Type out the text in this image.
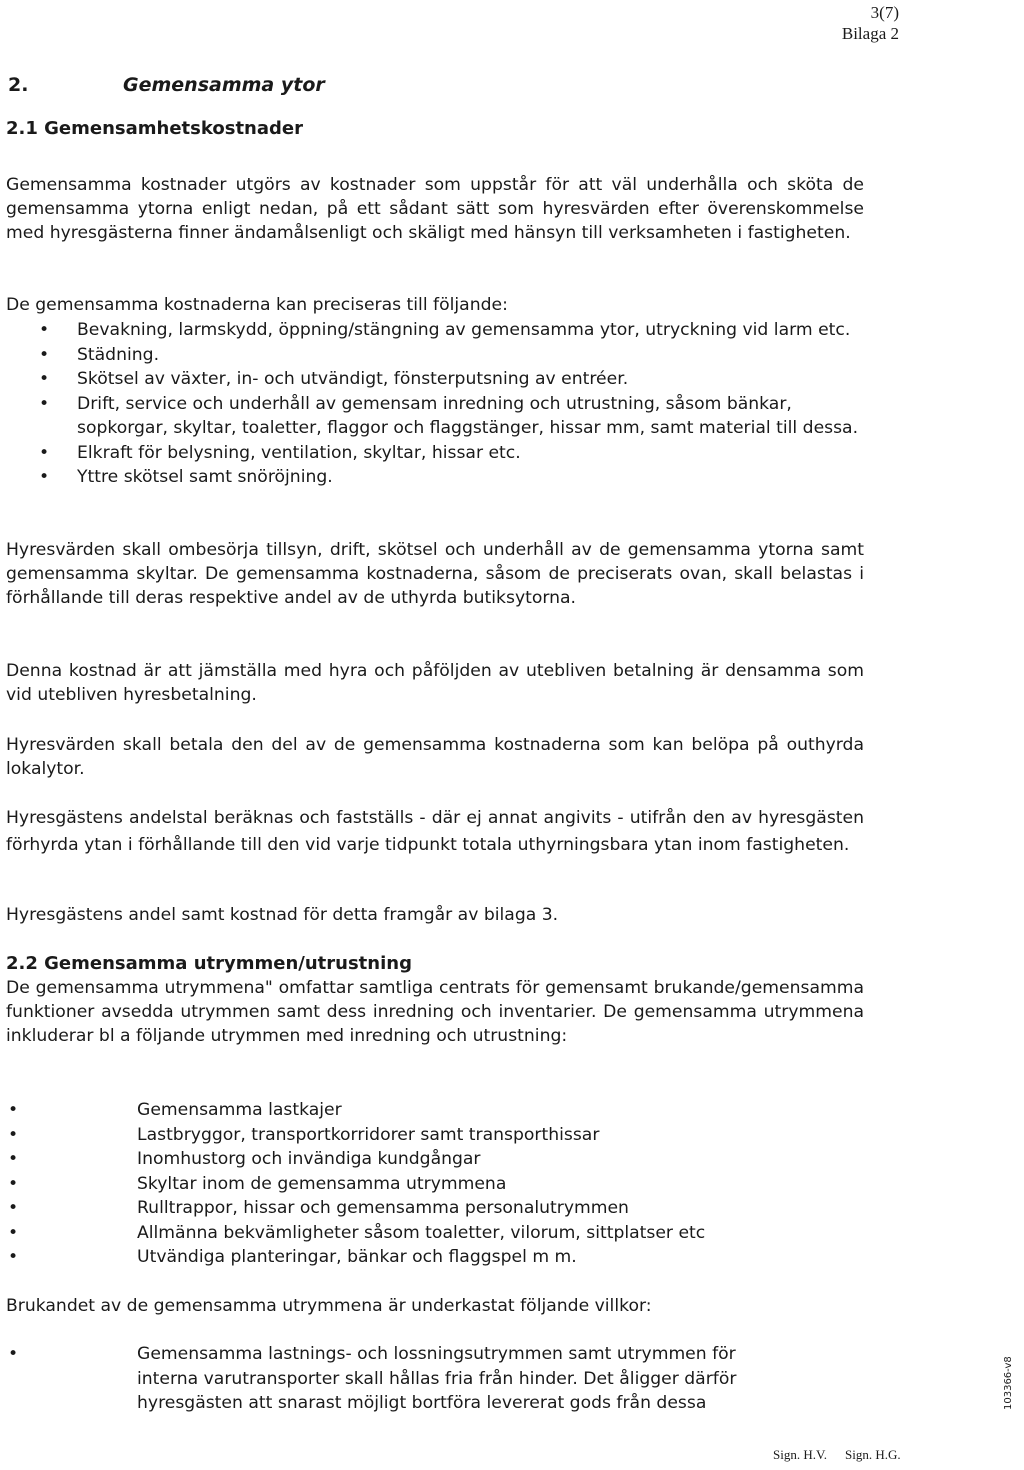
3(7)
Bilaga 2
2.	Gemensamma ytor
2.1 Gemensamhetskostnader
Gemensamma kostnader utgörs av kostnader som uppstår för att väl underhålla och sköta de gemensamma ytorna enligt nedan, på ett sådant sätt som hyresvärden efter överenskommelse med hyresgästerna finner ändamålsenligt och skäligt med hänsyn till verksamheten i fastigheten.
De gemensamma kostnaderna kan preciseras till följande:
• Bevakning, larmskydd, öppning/stängning av gemensamma ytor, utryckning vid larm etc.
• Städning.
• Skötsel av växter, in- och utvändigt, fönsterputsning av entréer.
• Drift, service och underhåll av gemensam inredning och utrustning, såsom bänkar, sopkorgar, skyltar, toaletter, flaggor och flaggstänger, hissar mm, samt material till dessa.
• Elkraft för belysning, ventilation, skyltar, hissar etc.
• Yttre skötsel samt snöröjning.
Hyresvärden skall ombesörja tillsyn, drift, skötsel och underhåll av de gemensamma ytorna samt gemensamma skyltar. De gemensamma kostnaderna, såsom de preciserats ovan, skall belastas i förhållande till deras respektive andel av de uthyrda butiksytorna.
Denna kostnad är att jämställa med hyra och påföljden av utebliven betalning är densamma som vid utebliven hyresbetalning.
Hyresvärden skall betala den del av de gemensamma kostnaderna som kan belöpa på outhyrda lokalytor.
Hyresgästens andelstal beräknas och fastställs - där ej annat angivits - utifrån den av hyresgästen förhyrda ytan i förhållande till den vid varje tidpunkt totala uthyrningsbara ytan inom fastigheten.
Hyresgästens andel samt kostnad för detta framgår av bilaga 3.
2.2 Gemensamma utrymmen/utrustning
De gemensamma utrymmena" omfattar samtliga centrats för gemensamt brukande/gemensamma funktioner avsedda utrymmen samt dess inredning och inventarier. De gemensamma utrymmena inkluderar bl a följande utrymmen med inredning och utrustning:
•	Gemensamma lastkajer
•	Lastbryggor, transportkorridorer samt transporthissar
•	Inomhustorg och invändiga kundgångar
•	Skyltar inom de gemensamma utrymmena
•	Rulltrappor, hissar och gemensamma personalutrymmen
•	Allmänna bekvämligheter såsom toaletter, vilorum, sittplatser etc
•	Utvändiga planteringar, bänkar och flaggspel m m.
Brukandet av de gemensamma utrymmena är underkastat följande villkor:
•	Gemensamma lastnings- och lossningsutrymmen samt utrymmen för interna varutransporter skall hållas fria från hinder. Det åligger därför hyresgästen att snarast möjligt bortföra levererat gods från dessa
Sign. H.V. Sign. H.G.
103366-v8
